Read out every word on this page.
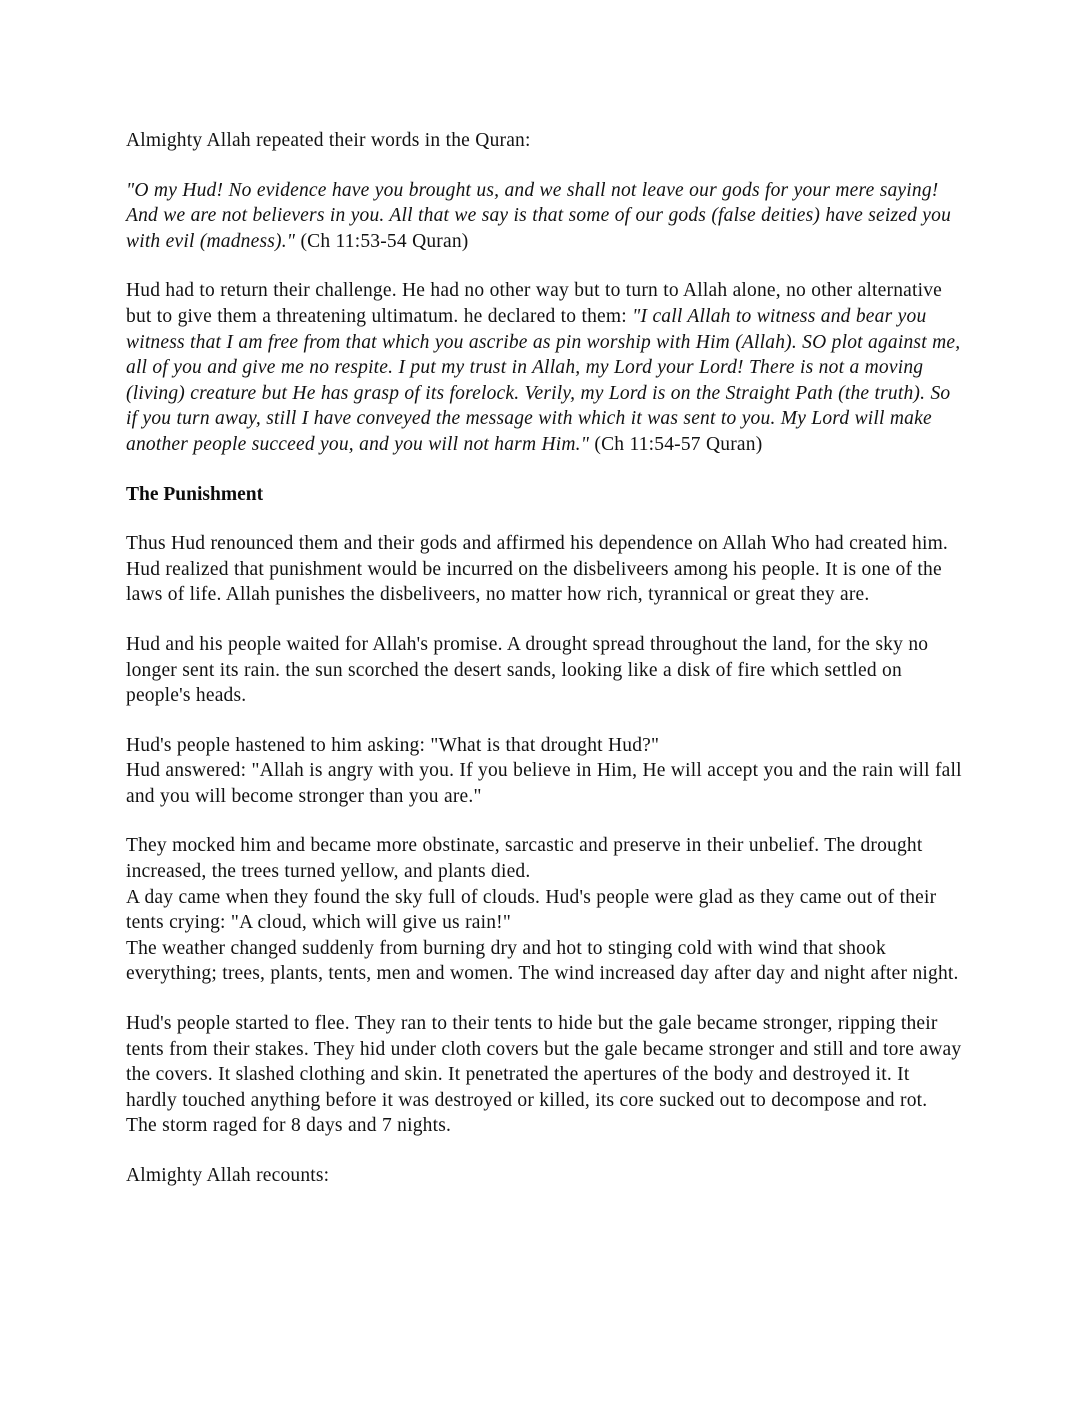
Almighty Allah repeated their words in the Quran:

"O my Hud! No evidence have you brought us, and we shall not leave our gods for your mere saying! And we are not believers in you. All that we say is that some of our gods (false deities) have seized you with evil (madness)." (Ch 11:53-54 Quran)

Hud had to return their challenge. He had no other way but to turn to Allah alone, no other alternative but to give them a threatening ultimatum. he declared to them: "I call Allah to witness and bear you witness that I am free from that which you ascribe as pin worship with Him (Allah). SO plot against me, all of you and give me no respite. I put my trust in Allah, my Lord your Lord! There is not a moving (living) creature but He has grasp of its forelock. Verily, my Lord is on the Straight Path (the truth). So if you turn away, still I have conveyed the message with which it was sent to you. My Lord will make another people succeed you, and you will not harm Him." (Ch 11:54-57 Quran)

The Punishment

Thus Hud renounced them and their gods and affirmed his dependence on Allah Who had created him. Hud realized that punishment would be incurred on the disbeliveers among his people. It is one of the laws of life. Allah punishes the disbeliveers, no matter how rich, tyrannical or great they are.

Hud and his people waited for Allah's promise. A drought spread throughout the land, for the sky no longer sent its rain. the sun scorched the desert sands, looking like a disk of fire which settled on people's heads.

Hud's people hastened to him asking: "What is that drought Hud?"

Hud answered: "Allah is angry with you. If you believe in Him, He will accept you and the rain will fall and you will become stronger than you are."

They mocked him and became more obstinate, sarcastic and preserve in their unbelief. The drought increased, the trees turned yellow, and plants died.

A day came when they found the sky full of clouds. Hud's people were glad as they came out of their tents crying: "A cloud, which will give us rain!"

The weather changed suddenly from burning dry and hot to stinging cold with wind that shook everything; trees, plants, tents, men and women. The wind increased day after day and night after night.

Hud's people started to flee. They ran to their tents to hide but the gale became stronger, ripping their tents from their stakes. They hid under cloth covers but the gale became stronger and still and tore away the covers. It slashed clothing and skin. It penetrated the apertures of the body and destroyed it. It hardly touched anything before it was destroyed or killed, its core sucked out to decompose and rot. The storm raged for 8 days and 7 nights.

Almighty Allah recounts:
